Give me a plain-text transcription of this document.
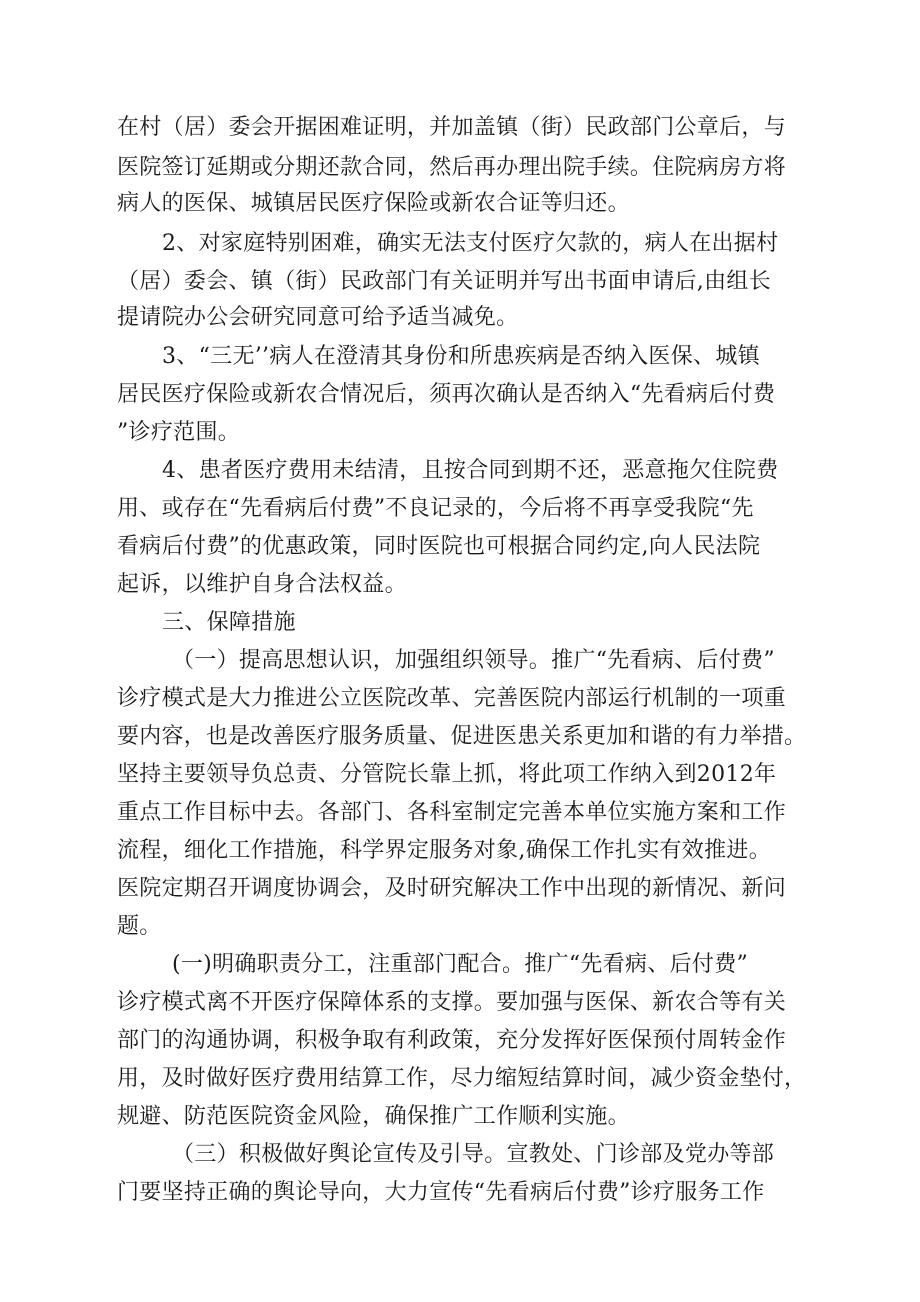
在村（居）委会开据困难证明，并加盖镇（街）民政部门公章后，与
医院签订延期或分期还款合同，然后再办理出院手续。住院病房方将
病人的医保、城镇居民医疗保险或新农合证等归还。
2、对家庭特别困难，确实无法支付医疗欠款的，病人在出据村
（居）委会、镇（街）民政部门有关证明并写出书面申请后,由组长
提请院办公会研究同意可给予适当减免。
3、“三无’’病人在澄清其身份和所患疾病是否纳入医保、城镇
居民医疗保险或新农合情况后，须再次确认是否纳入“先看病后付费
”诊疗范围。
4、患者医疗费用未结清，且按合同到期不还，恶意拖欠住院费
用、或存在“先看病后付费”不良记录的，今后将不再享受我院“先
看病后付费”的优惠政策，同时医院也可根据合同约定,向人民法院
起诉，以维护自身合法权益。
三、保障措施
（一）提高思想认识，加强组织领导。推广“先看病、后付费”
诊疗模式是大力推进公立医院改革、完善医院内部运行机制的一项重
要内容，也是改善医疗服务质量、促进医患关系更加和谐的有力举措。
坚持主要领导负总责、分管院长靠上抓，将此项工作纳入到2012年
重点工作目标中去。各部门、各科室制定完善本单位实施方案和工作
流程，细化工作措施，科学界定服务对象,确保工作扎实有效推进。
医院定期召开调度协调会，及时研究解决工作中出现的新情况、新问
题。
(一)明确职责分工，注重部门配合。推广“先看病、后付费”
诊疗模式离不开医疗保障体系的支撑。要加强与医保、新农合等有关
部门的沟通协调，积极争取有利政策，充分发挥好医保预付周转金作
用，及时做好医疗费用结算工作，尽力缩短结算时间，减少资金垫付，
规避、防范医院资金风险，确保推广工作顺利实施。
（三）积极做好舆论宣传及引导。宣教处、门诊部及党办等部
门要坚持正确的舆论导向，大力宣传“先看病后付费”诊疗服务工作
